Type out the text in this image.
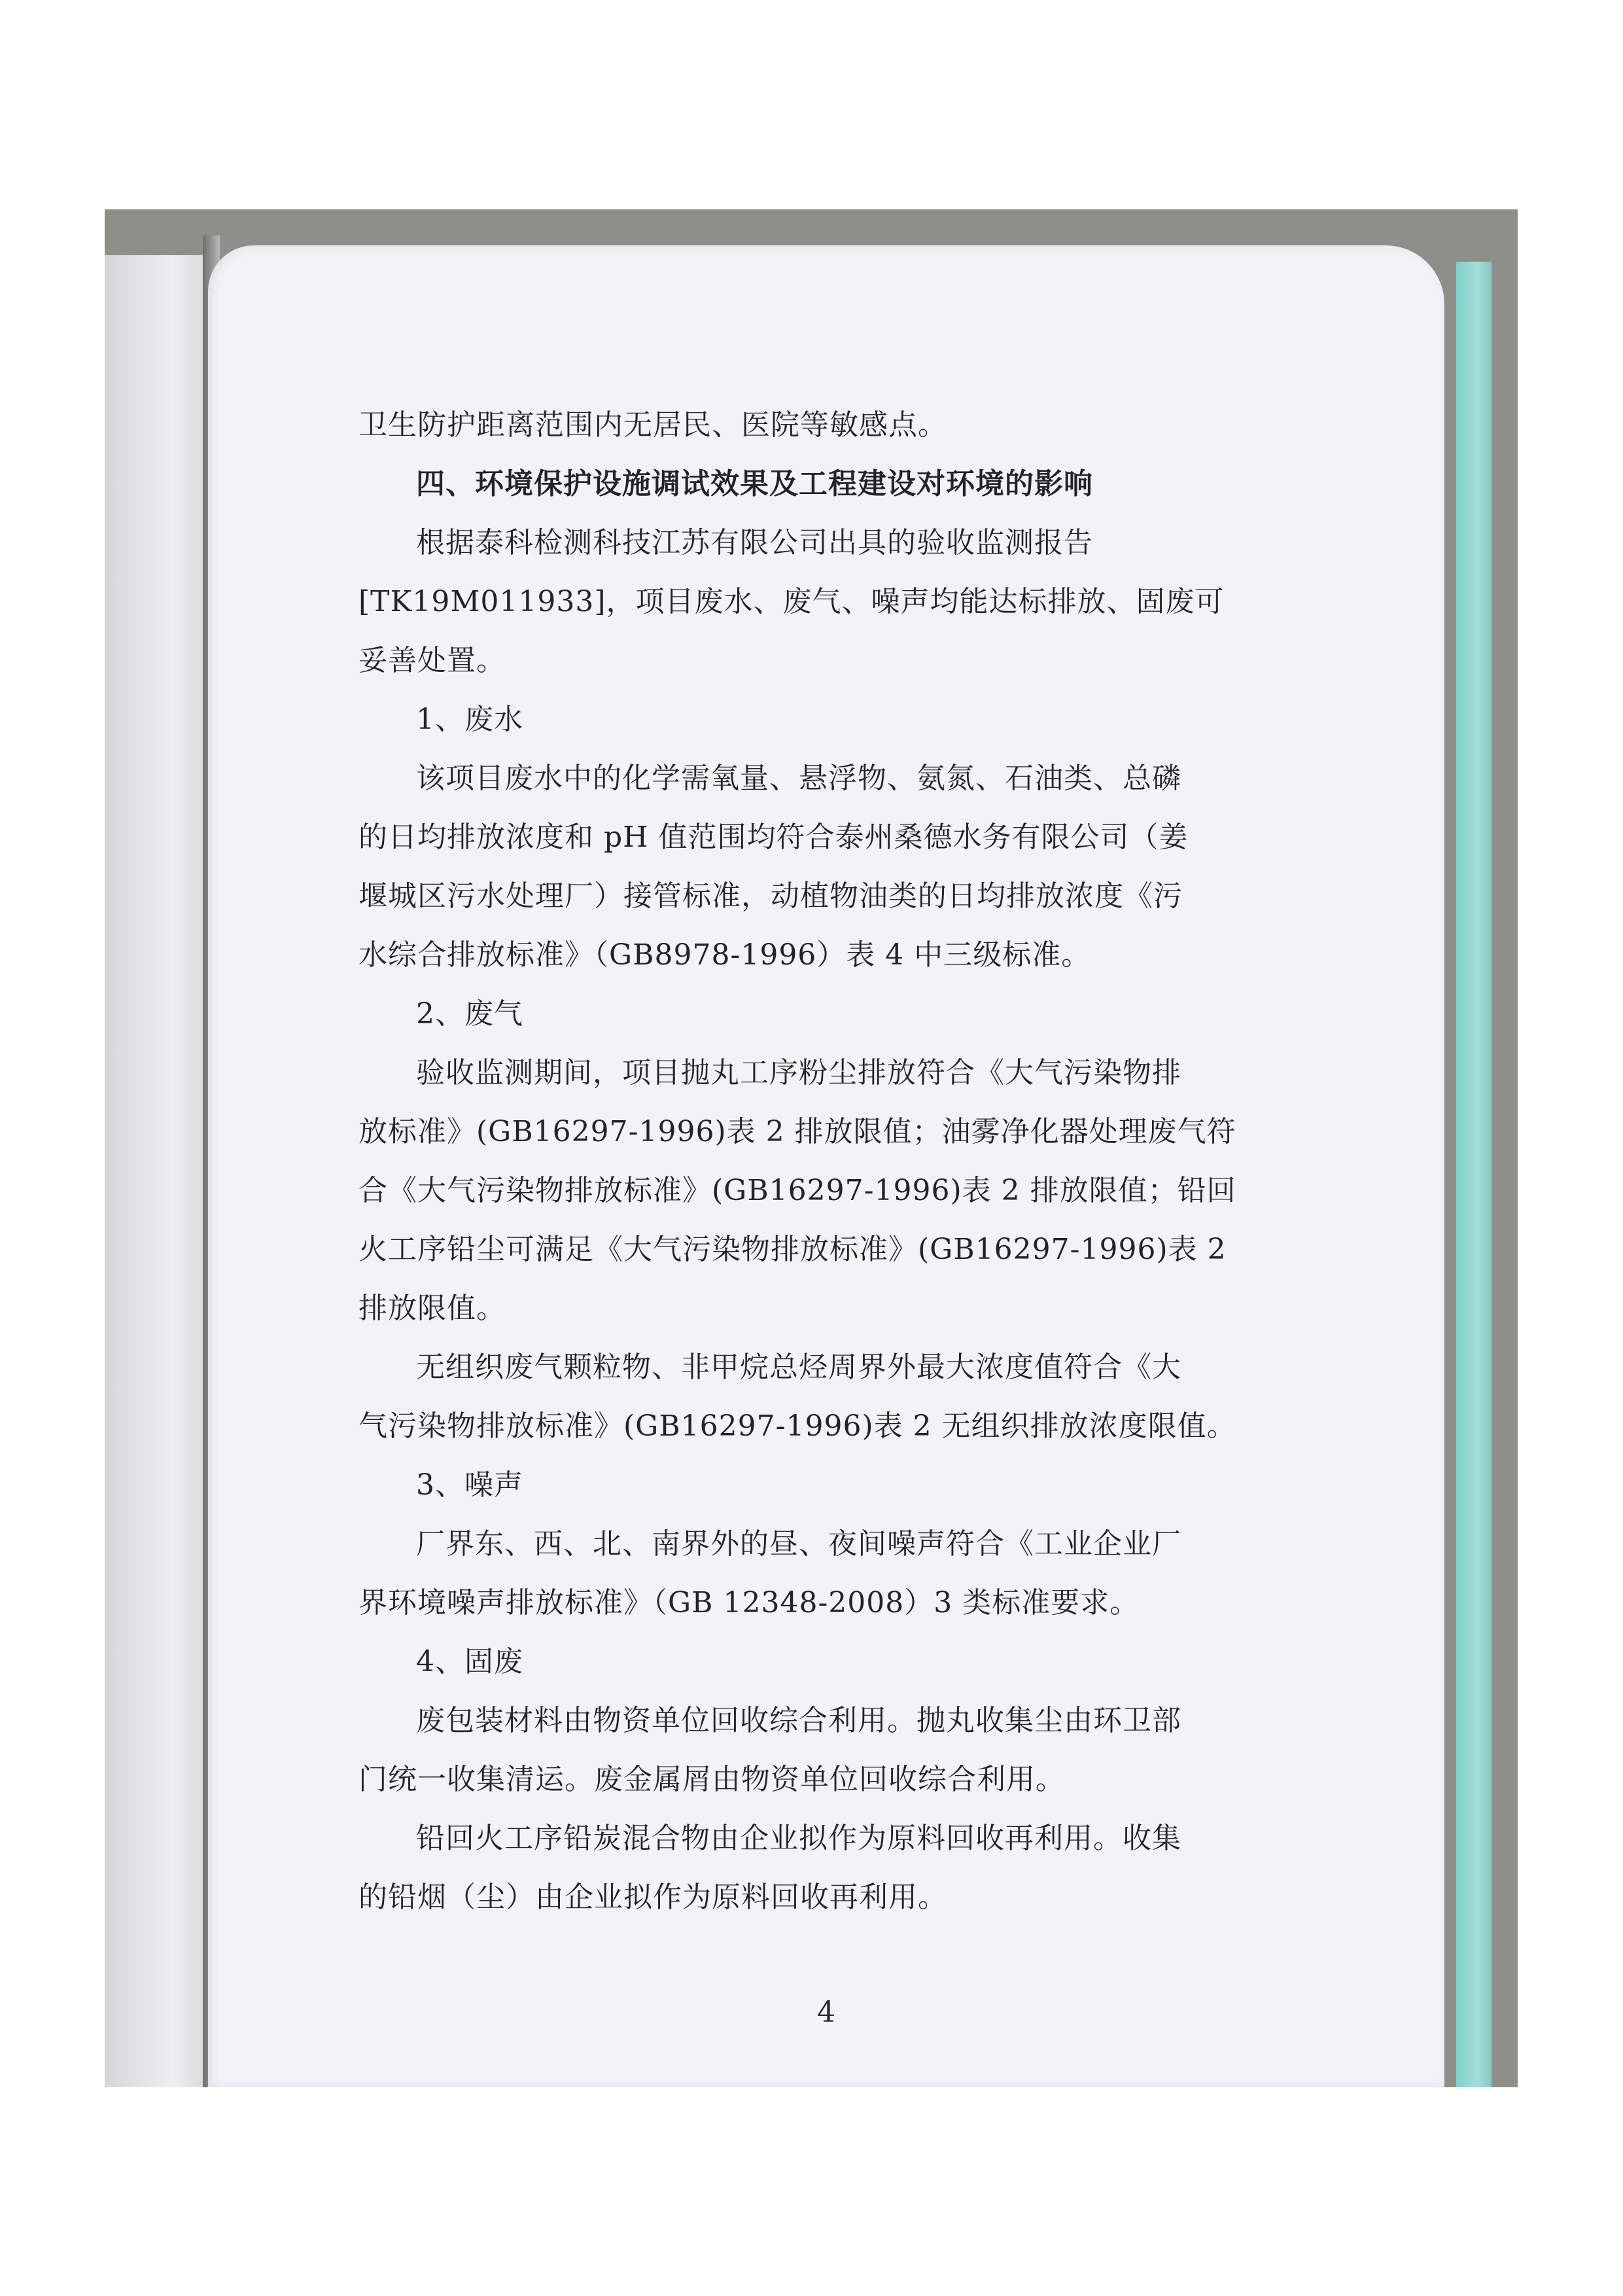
卫生防护距离范围内无居民、医院等敏感点。
四、环境保护设施调试效果及工程建设对环境的影响
根据泰科检测科技江苏有限公司出具的验收监测报告
[TK19M011933]，项目废水、废气、噪声均能达标排放、固废可
妥善处置。
1、废水
该项目废水中的化学需氧量、悬浮物、氨氮、石油类、总磷
的日均排放浓度和 pH 值范围均符合泰州桑德水务有限公司（姜
堰城区污水处理厂）接管标准，动植物油类的日均排放浓度《污
水综合排放标准》（GB8978-1996）表 4 中三级标准。
2、废气
验收监测期间，项目抛丸工序粉尘排放符合《大气污染物排
放标准》(GB16297-1996)表 2 排放限值；油雾净化器处理废气符
合《大气污染物排放标准》(GB16297-1996)表 2 排放限值；铅回
火工序铅尘可满足《大气污染物排放标准》(GB16297-1996)表 2
排放限值。
无组织废气颗粒物、非甲烷总烃周界外最大浓度值符合《大
气污染物排放标准》(GB16297-1996)表 2 无组织排放浓度限值。
3、噪声
厂界东、西、北、南界外的昼、夜间噪声符合《工业企业厂
界环境噪声排放标准》（GB 12348-2008）3 类标准要求。
4、固废
废包装材料由物资单位回收综合利用。抛丸收集尘由环卫部
门统一收集清运。废金属屑由物资单位回收综合利用。
铅回火工序铅炭混合物由企业拟作为原料回收再利用。收集
的铅烟（尘）由企业拟作为原料回收再利用。
4
